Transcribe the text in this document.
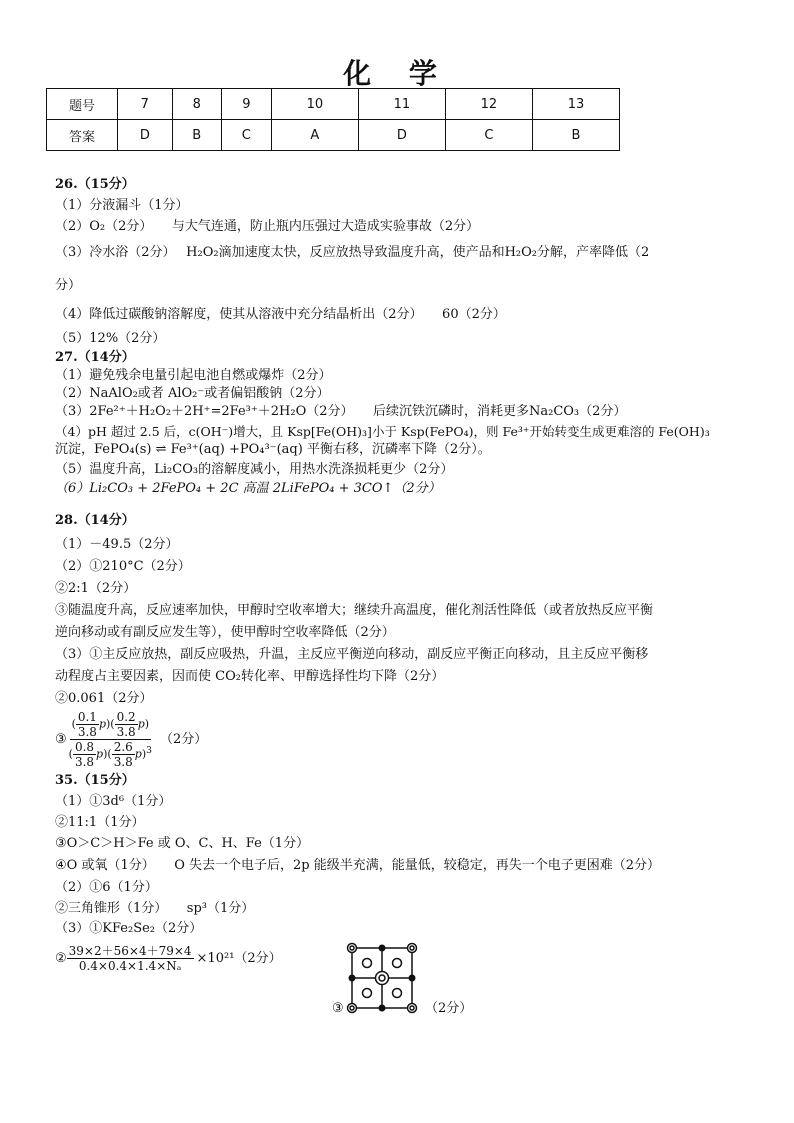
化 学
题号	7	8	9	10	11	12	13
答案	D	B	C	A	D	C	B
26.（15分）
（1）分液漏斗（1分）
（2）O₂（2分）　　与大气连通，防止瓶内压强过大造成实验事故（2分）
（3）冷水浴（2分）　 H₂O₂滴加速度太快，反应放热导致温度升高，使产品和H₂O₂分解，产率降低（2
分）
（4）降低过碳酸钠溶解度，使其从溶液中充分结晶析出（2分）　　60（2分）
（5）12%（2分）
27.（14分）
（1）避免残余电量引起电池自燃或爆炸（2分）
（2）NaAlO₂或者 AlO₂⁻或者偏铝酸钠（2分）
（3）2Fe²⁺＋H₂O₂＋2H⁺=2Fe³⁺＋2H₂O（2分）　　后续沉铁沉磷时，消耗更多Na₂CO₃（2分）
（4）pH 超过 2.5 后，c(OH⁻)增大，且 Ksp[Fe(OH)₃]小于 Ksp(FePO₄)，则 Fe³⁺开始转变生成更难溶的 Fe(OH)₃
沉淀，FePO₄(s) ⇌ Fe³⁺(aq) +PO₄³⁻(aq) 平衡右移，沉磷率下降（2分）。
（5）温度升高，Li₂CO₃的溶解度减小，用热水洗涤损耗更少（2分）
（6）Li₂CO₃ + 2FePO₄ + 2C 高温 2LiFePO₄ + 3CO↑（2分）
28.（14分）
（1）－49.5（2分）
（2）①210°C（2分）
②2:1（2分）
③随温度升高，反应速率加快，甲醇时空收率增大；继续升高温度，催化剂活性降低（或者放热反应平衡
逆向移动或有副反应发生等），使甲醇时空收率降低（2分）
（3）①主反应放热，副反应吸热，升温，主反应平衡逆向移动，副反应平衡正向移动，且主反应平衡移
动程度占主要因素，因而使 CO₂转化率、甲醇选择性均下降（2分）
②0.061（2分）
③ $\frac{( \frac{0.1}{3.8} p)( \frac{0.2}{3.8} p)}{( \frac{0.8}{3.8} p)( \frac{2.6}{3.8} p)^3} (2$分）
35.（15分）
（1）①3d⁶（1分）
②11:1（1分）
③O＞C＞H＞Fe 或 O、C、H、Fe（1分）
④O 或氧（1分）　　O 失去一个电子后，2p 能级半充满，能量低，较稳定，再失一个电子更困难（2分）
（2）①6（1分）
②三角锥形（1分）　　sp³（1分）
（3）①KFe₂Se₂（2分）
② $\frac{39\times 2+56\times 4+79\times 4}{\text{0.4×0.4×1.4×Nₐ}} \times 10^{21}(2$分）
③	（2分）
